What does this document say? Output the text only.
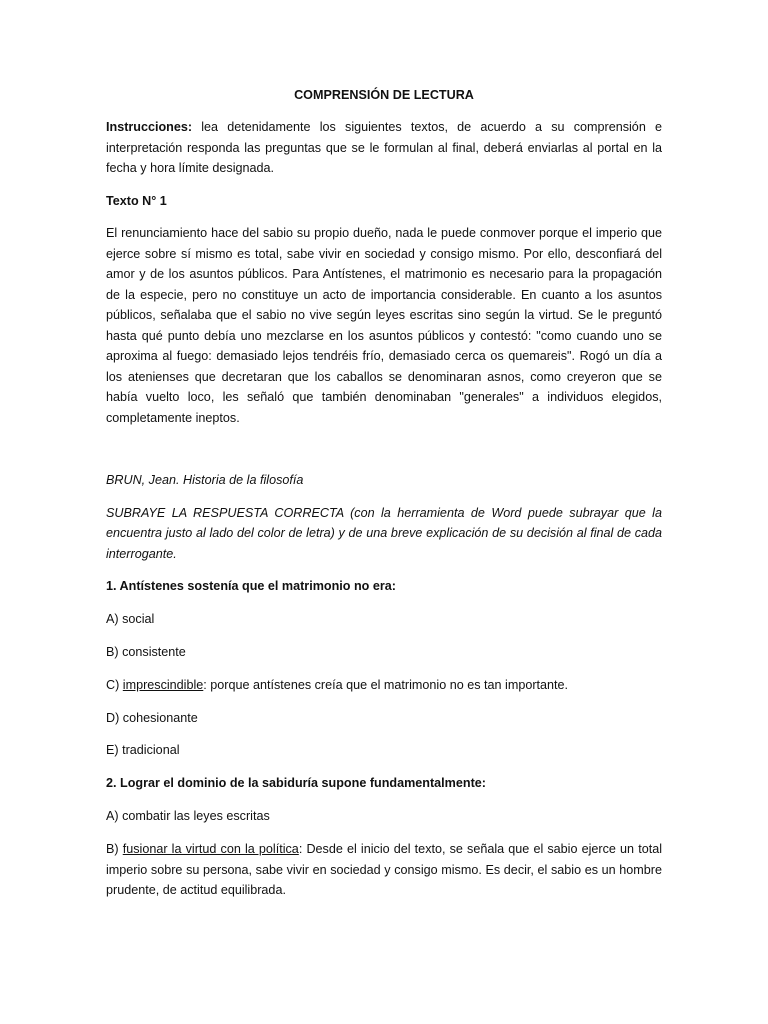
COMPRENSIÓN DE LECTURA

Instrucciones: lea detenidamente los siguientes textos, de acuerdo a su comprensión e interpretación responda las preguntas que se le formulan al final, deberá enviarlas al portal en la fecha y hora límite designada.

Texto N° 1

El renunciamiento hace del sabio su propio dueño, nada le puede conmover porque el imperio que ejerce sobre sí mismo es total, sabe vivir en sociedad y consigo mismo. Por ello, desconfiará del amor y de los asuntos públicos. Para Antístenes, el matrimonio es necesario para la propagación de la especie, pero no constituye un acto de importancia considerable. En cuanto a los asuntos públicos, señalaba que el sabio no vive según leyes escritas sino según la virtud. Se le preguntó hasta qué punto debía uno mezclarse en los asuntos públicos y contestó: "como cuando uno se aproxima al fuego: demasiado lejos tendréis frío, demasiado cerca os quemareis". Rogó un día a los atenienses que decretaran que los caballos se denominaran asnos, como creyeron que se había vuelto loco, les señaló que también denominaban "generales" a individuos elegidos, completamente ineptos.

BRUN, Jean. Historia de la filosofía

SUBRAYE LA RESPUESTA CORRECTA (con la herramienta de Word puede subrayar que la encuentra justo al lado del color de letra) y de una breve explicación de su decisión al final de cada interrogante.

1. Antístenes sostenía que el matrimonio no era:
A) social
B) consistente
C) imprescindible: porque antístenes creía que el matrimonio no es tan importante.
D) cohesionante
E) tradicional
2. Lograr el dominio de la sabiduría supone fundamentalmente:
A) combatir las leyes escritas

B) fusionar la virtud con la política: Desde el inicio del texto, se señala que el sabio ejerce un total imperio sobre su persona, sabe vivir en sociedad y consigo mismo. Es decir, el sabio es un hombre prudente, de actitud equilibrada.
